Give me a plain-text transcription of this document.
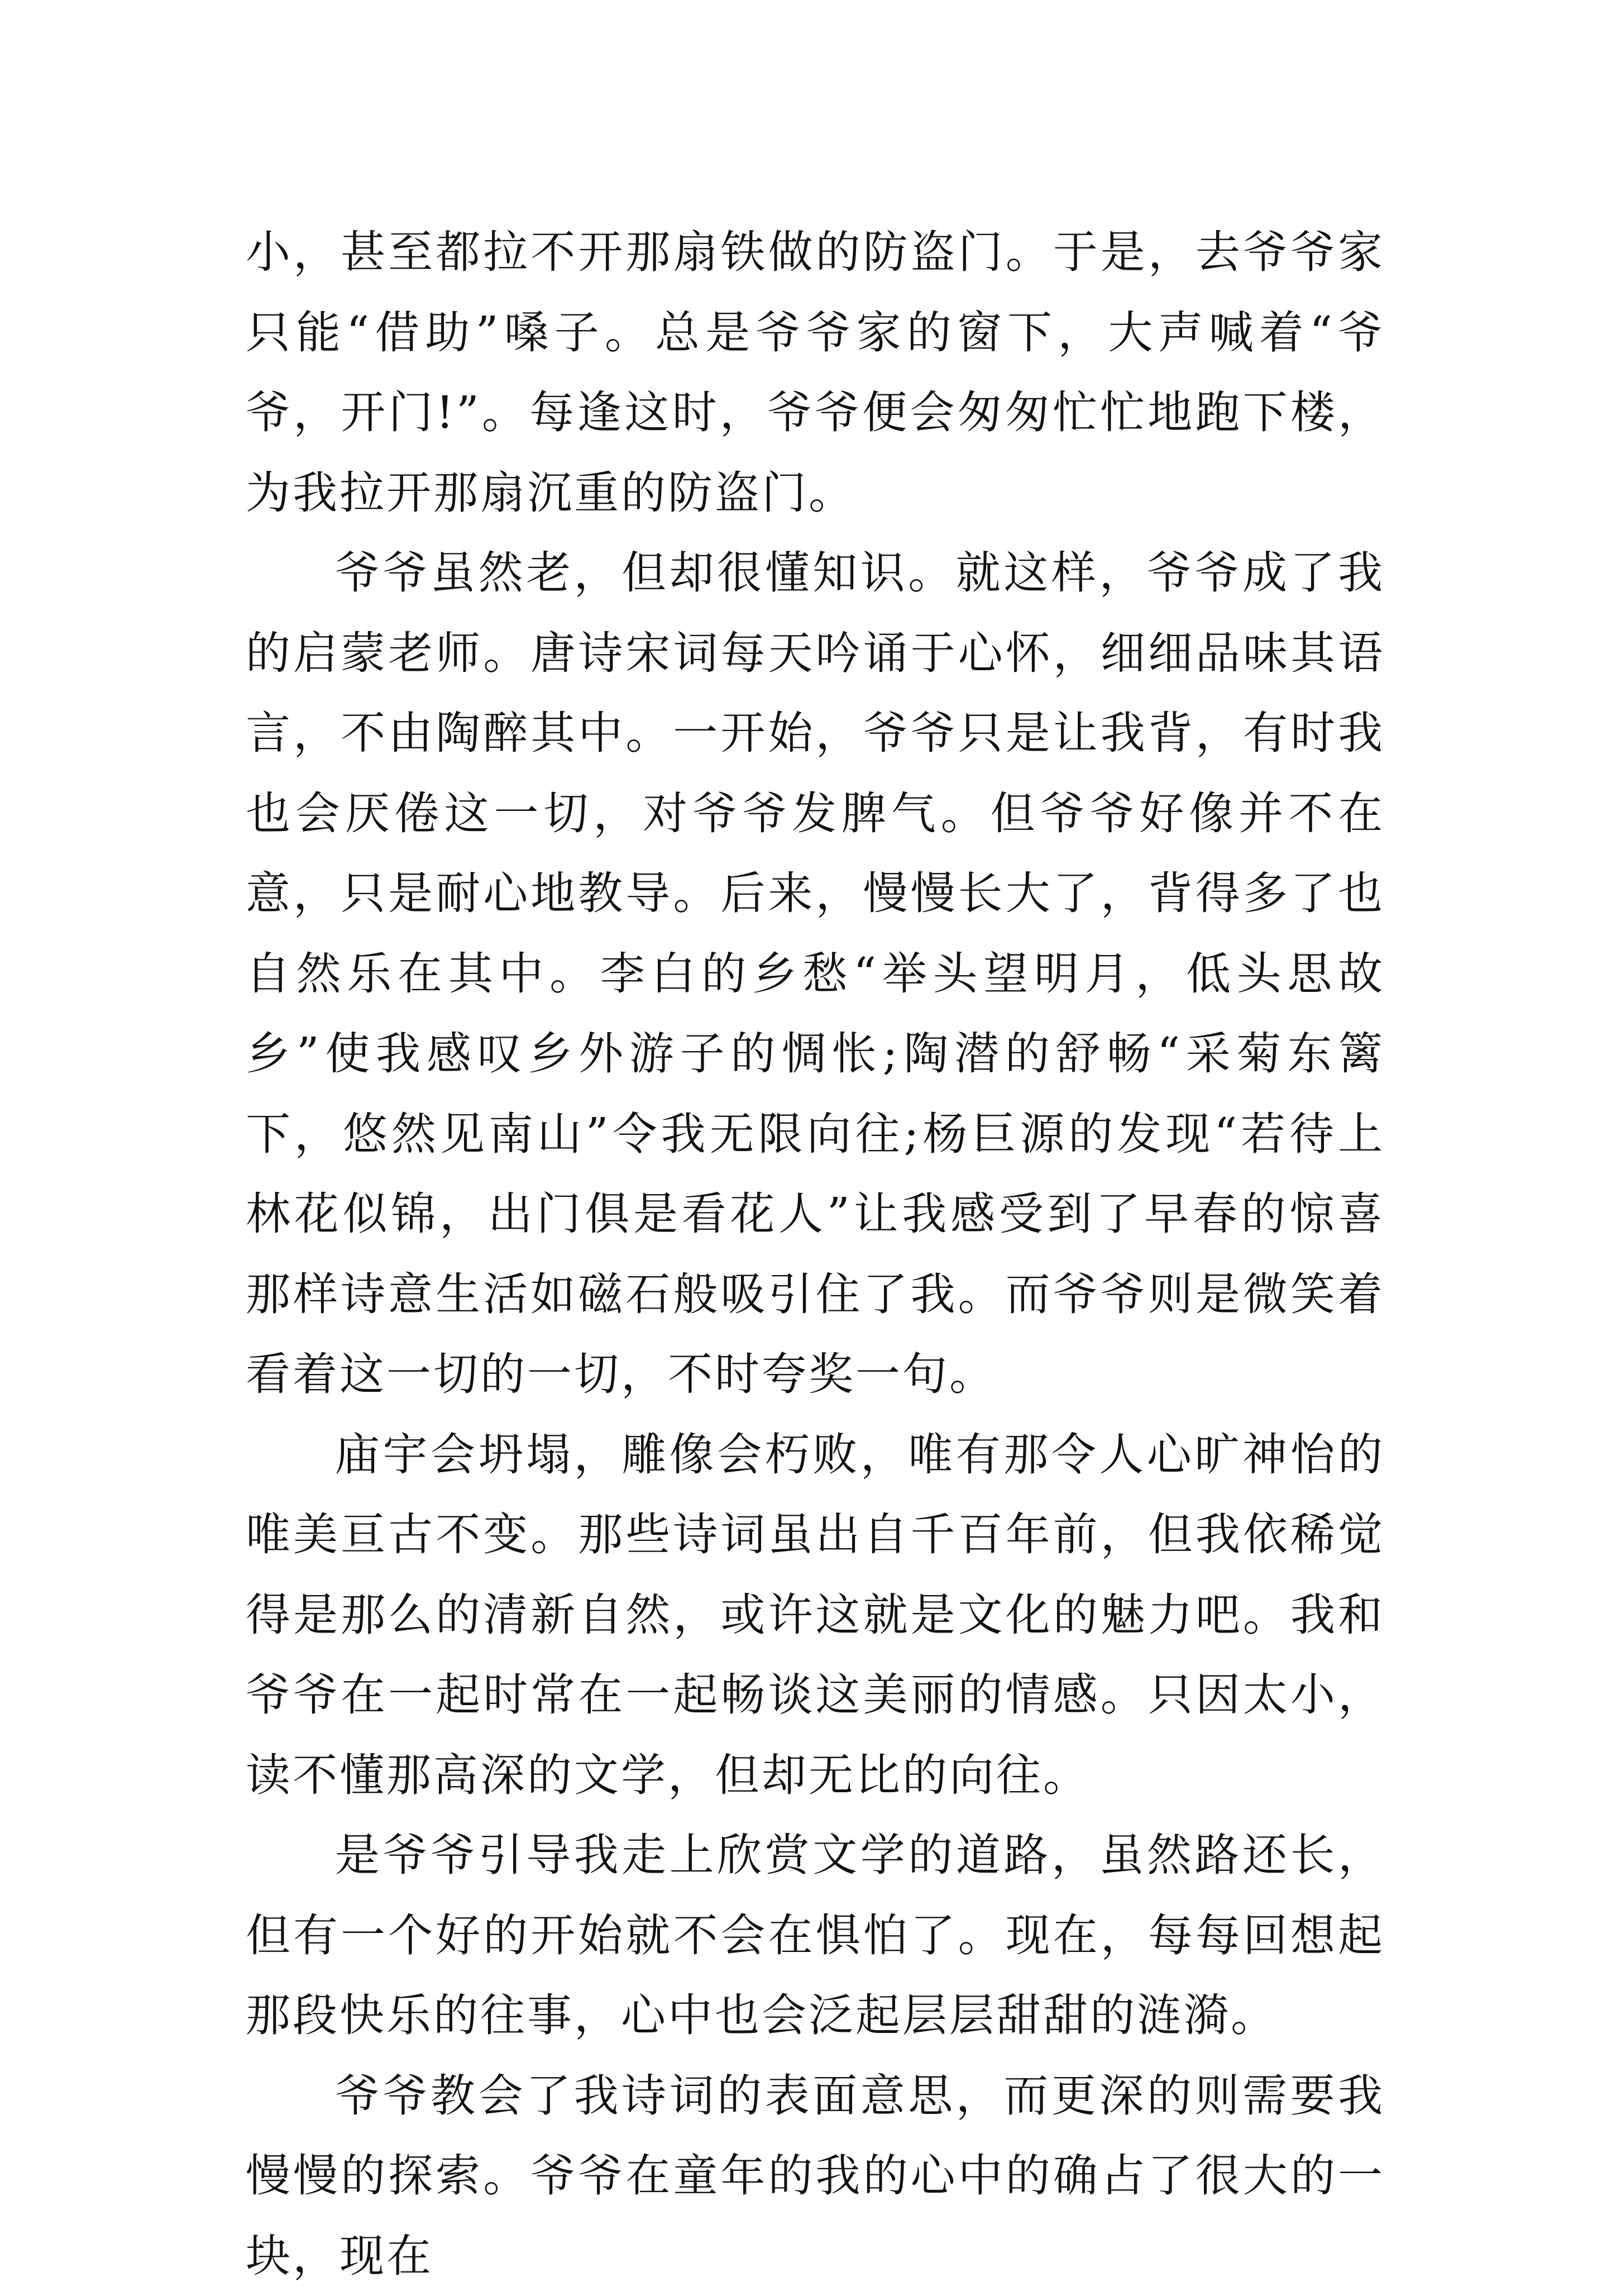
小，甚至都拉不开那扇铁做的防盗门。于是，去爷爷家只能“借助”嗓子。总是爷爷家的窗下，大声喊着“爷爷，开门!”。每逢这时，爷爷便会匆匆忙忙地跑下楼，为我拉开那扇沉重的防盗门。

爷爷虽然老，但却很懂知识。就这样，爷爷成了我的启蒙老师。唐诗宋词每天吟诵于心怀，细细品味其语言，不由陶醉其中。一开始，爷爷只是让我背，有时我也会厌倦这一切，对爷爷发脾气。但爷爷好像并不在意，只是耐心地教导。后来，慢慢长大了，背得多了也自然乐在其中。李白的乡愁“举头望明月，低头思故乡”使我感叹乡外游子的惆怅;陶潜的舒畅“采菊东篱下，悠然见南山”令我无限向往;杨巨源的发现“若待上林花似锦，出门俱是看花人”让我感受到了早春的惊喜那样诗意生活如磁石般吸引住了我。而爷爷则是微笑着看着这一切的一切，不时夸奖一句。

庙宇会坍塌，雕像会朽败，唯有那令人心旷神怡的唯美亘古不变。那些诗词虽出自千百年前，但我依稀觉得是那么的清新自然，或许这就是文化的魅力吧。我和爷爷在一起时常在一起畅谈这美丽的情感。只因太小，读不懂那高深的文学，但却无比的向往。

是爷爷引导我走上欣赏文学的道路，虽然路还长，但有一个好的开始就不会在惧怕了。现在，每每回想起那段快乐的往事，心中也会泛起层层甜甜的涟漪。

爷爷教会了我诗词的表面意思，而更深的则需要我慢慢的探索。爷爷在童年的我的心中的确占了很大的一块，现在
